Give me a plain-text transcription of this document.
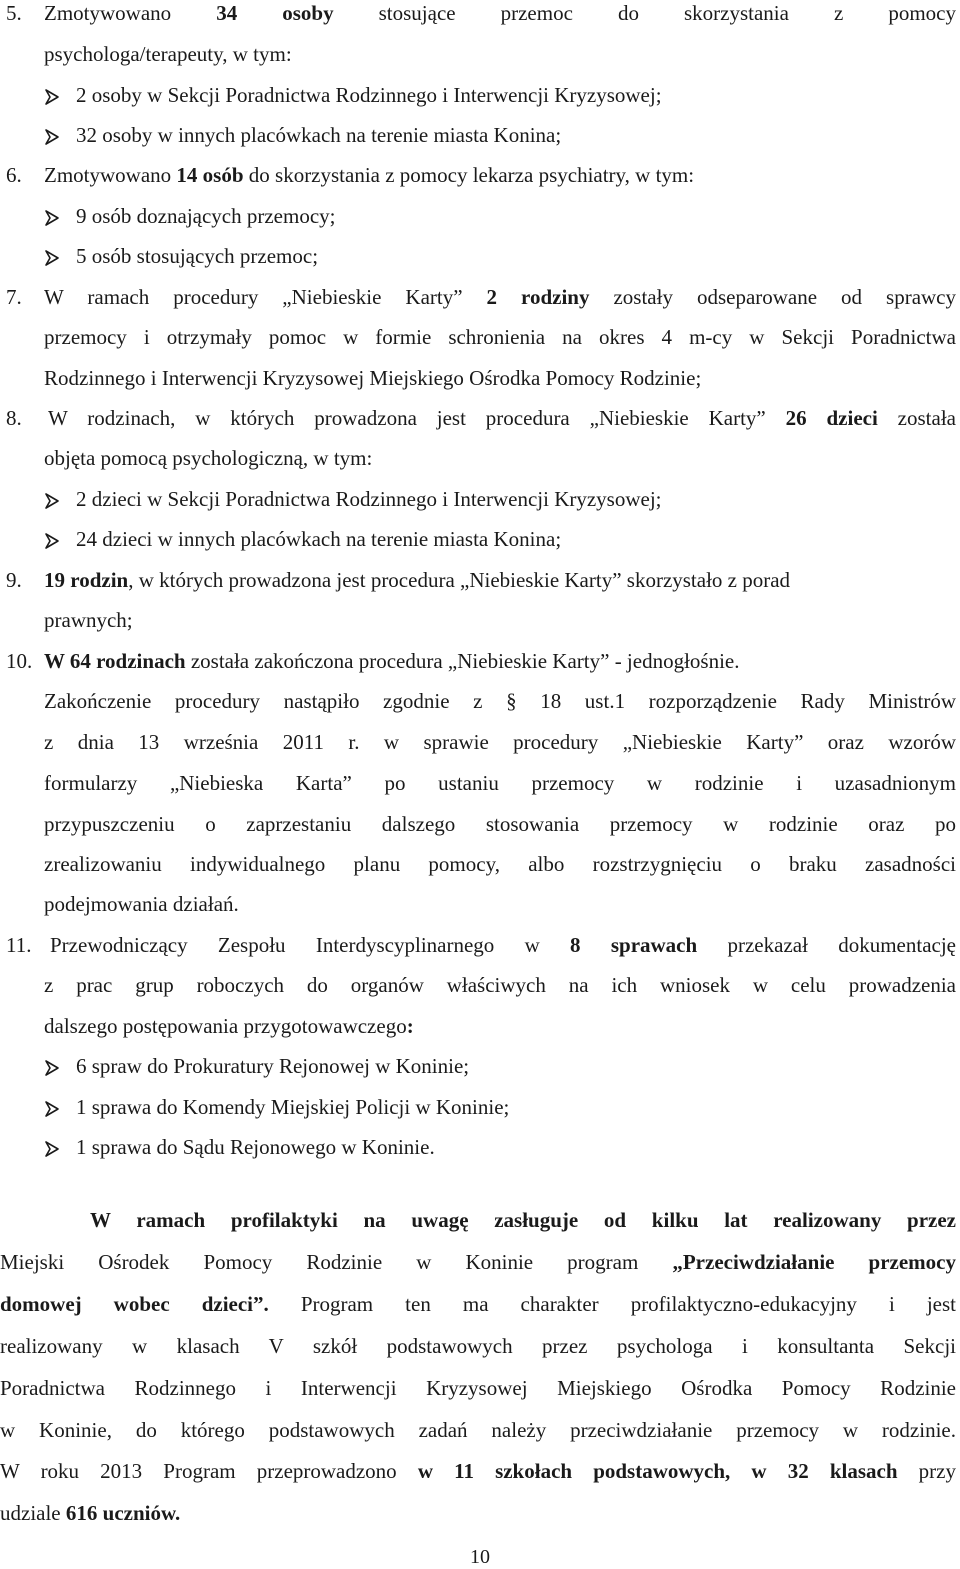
5. Zmotywowano 34 osoby stosujące przemoc do skorzystania z pomocy
psychologa/terapeuty, w tym:
2 osoby w Sekcji Poradnictwa Rodzinnego i Interwencji Kryzysowej;
32 osoby w innych placówkach na terenie miasta Konina;
6. Zmotywowano 14 osób do skorzystania z pomocy lekarza psychiatry, w tym:
9 osób doznających przemocy;
5 osób stosujących przemoc;
7. W ramach procedury „Niebieskie Karty” 2 rodziny zostały odseparowane od sprawcy
przemocy i otrzymały pomoc w formie schronienia na okres 4 m-cy w Sekcji Poradnictwa
Rodzinnego i Interwencji Kryzysowej Miejskiego Ośrodka Pomocy Rodzinie;
8. W rodzinach, w których prowadzona jest procedura „Niebieskie Karty” 26 dzieci została
objęta pomocą psychologiczną, w tym:
2 dzieci w Sekcji Poradnictwa Rodzinnego i Interwencji Kryzysowej;
24 dzieci w innych placówkach na terenie miasta Konina;
9. 19 rodzin, w których prowadzona jest procedura „Niebieskie Karty” skorzystało z porad
prawnych;
10. W 64 rodzinach została zakończona procedura „Niebieskie Karty” - jednogłośnie.
Zakończenie procedury nastąpiło zgodnie z § 18 ust.1 rozporządzenie Rady Ministrów
z dnia 13 września 2011 r. w sprawie procedury „Niebieskie Karty” oraz wzorów
formularzy „Niebieska Karta” po ustaniu przemocy w rodzinie i uzasadnionym
przypuszczeniu o zaprzestaniu dalszego stosowania przemocy w rodzinie oraz po
zrealizowaniu indywidualnego planu pomocy, albo rozstrzygnięciu o braku zasadności
podejmowania działań.
11. Przewodniczący Zespołu Interdyscyplinarnego w 8 sprawach przekazał dokumentację
z prac grup roboczych do organów właściwych na ich wniosek w celu prowadzenia
dalszego postępowania przygotowawczego:
6 spraw do Prokuratury Rejonowej w Koninie;
1 sprawa do Komendy Miejskiej Policji w Koninie;
1 sprawa do Sądu Rejonowego w Koninie.
W ramach profilaktyki na uwagę zasługuje od kilku lat realizowany przez
Miejski Ośrodek Pomocy Rodzinie w Koninie program „Przeciwdziałanie przemocy
domowej wobec dzieci”. Program ten ma charakter profilaktyczno-edukacyjny i jest
realizowany w klasach V szkół podstawowych przez psychologa i konsultanta Sekcji
Poradnictwa Rodzinnego i Interwencji Kryzysowej Miejskiego Ośrodka Pomocy Rodzinie
w Koninie, do którego podstawowych zadań należy przeciwdziałanie przemocy w rodzinie.
W roku 2013 Program przeprowadzono w 11 szkołach podstawowych, w 32 klasach przy
udziale 616 uczniów.
10
